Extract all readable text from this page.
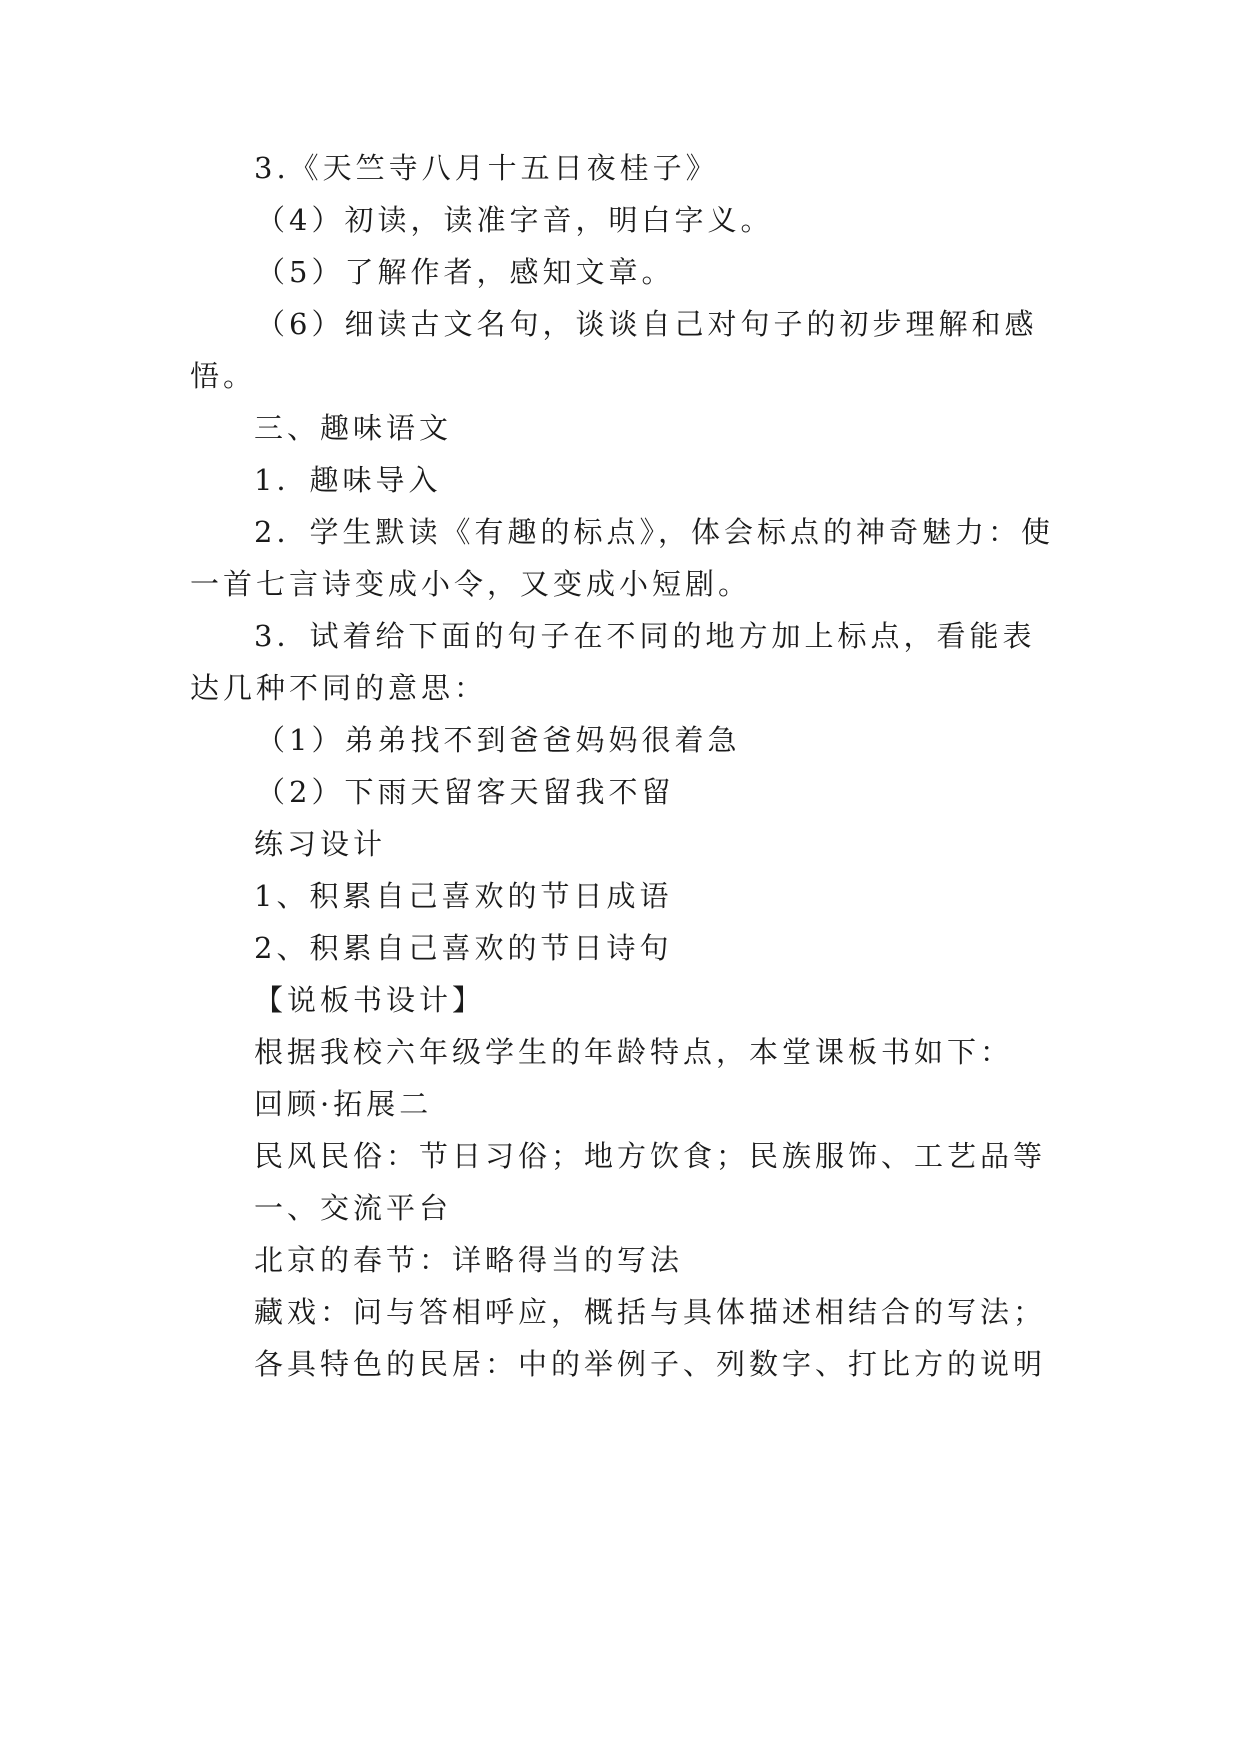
3.《天竺寺八月十五日夜桂子》
（4）初读，读准字音，明白字义。
（5）了解作者，感知文章。
（6）细读古文名句，谈谈自己对句子的初步理解和感
悟。
三、趣味语文
1．趣味导入
2．学生默读《有趣的标点》，体会标点的神奇魅力：使
一首七言诗变成小令，又变成小短剧。
3．试着给下面的句子在不同的地方加上标点，看能表
达几种不同的意思：
（1）弟弟找不到爸爸妈妈很着急
（2）下雨天留客天留我不留
练习设计
1、积累自己喜欢的节日成语
2、积累自己喜欢的节日诗句
【说板书设计】
根据我校六年级学生的年龄特点，本堂课板书如下：
回顾·拓展二
民风民俗：节日习俗；地方饮食；民族服饰、工艺品等
一、交流平台
北京的春节：详略得当的写法
藏戏：问与答相呼应，概括与具体描述相结合的写法；
各具特色的民居：中的举例子、列数字、打比方的说明
